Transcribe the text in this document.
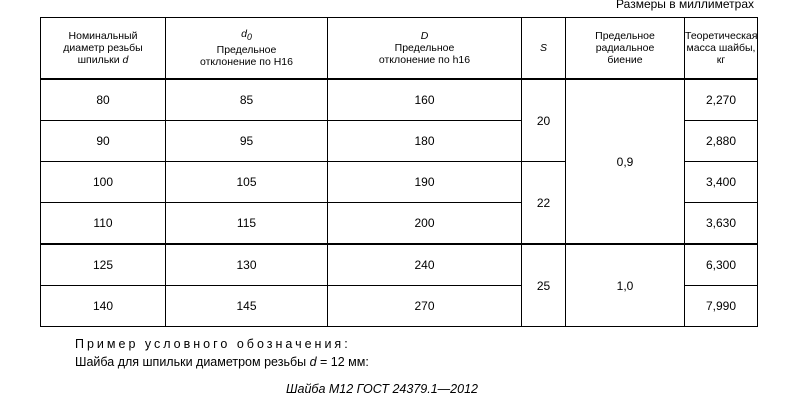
Размеры в миллиметрах
Номинальный
диаметр резьбы
шпильки d	$d_0$
Предельное
отклонение по H16	D
Предельное
отклонение по h16	S	Предельное
радиальное
биение	Теоретическая
масса шайбы, кг

80	85	160	20	0,9	2,270
90	95	180			2,880
100	105	190	22		3,400
110	115	200			3,630
125	130	240	25	1,0	6,300
140	145	270			7,990
Пример условного обозначения:
Шайба для шпильки диаметром резьбы d = 12 мм:
Шайба М12 ГОСТ 24379.1—2012
